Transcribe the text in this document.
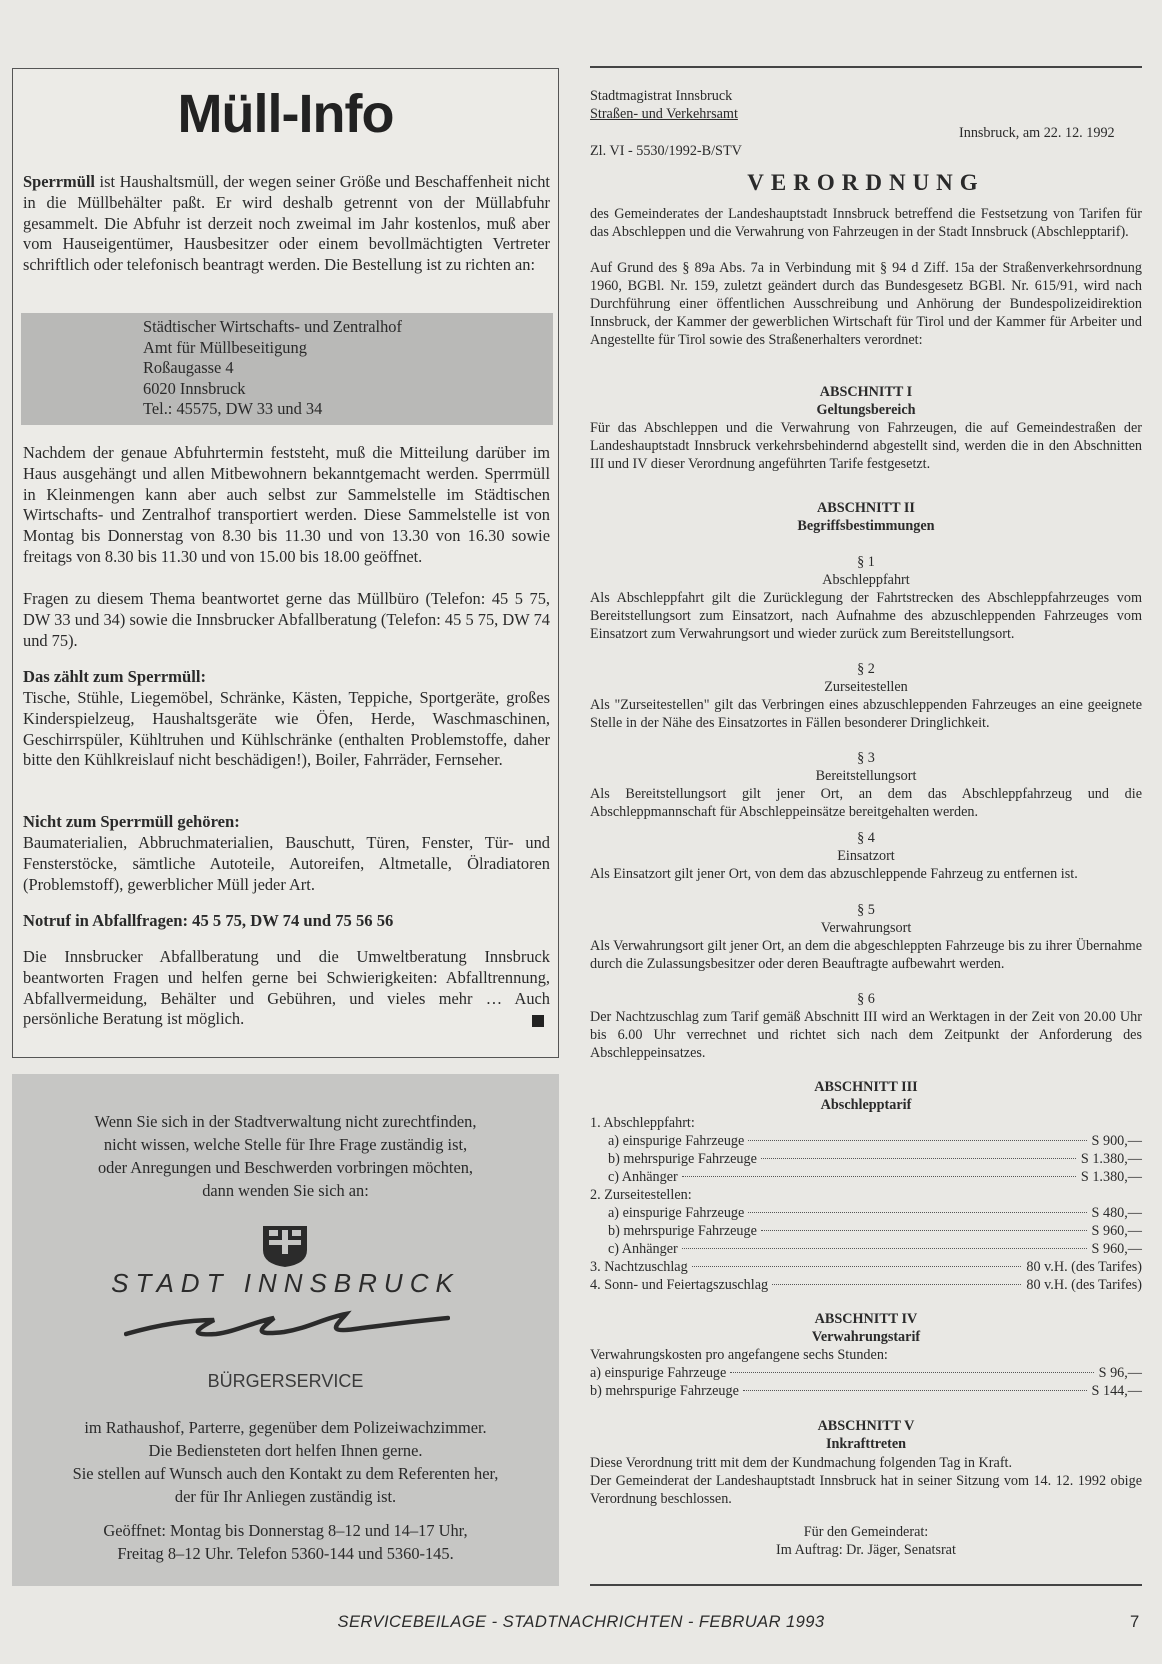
Müll-Info

Sperrmüll ist Haushaltsmüll, der wegen seiner Größe und Beschaffenheit nicht in die Müllbehälter paßt. Er wird deshalb getrennt von der Müllabfuhr gesammelt. Die Abfuhr ist derzeit noch zweimal im Jahr kostenlos, muß aber vom Hauseigentümer, Hausbesitzer oder einem bevollmächtigten Vertreter schriftlich oder telefonisch beantragt werden. Die Bestellung ist zu richten an:

Städtischer Wirtschafts- und Zentralhof
Amt für Müllbeseitigung
Roßaugasse 4
6020 Innsbruck
Tel.: 45575, DW 33 und 34

Nachdem der genaue Abfuhrtermin feststeht, muß die Mitteilung darüber im Haus ausgehängt und allen Mitbewohnern bekanntgemacht werden. Sperrmüll in Kleinmengen kann aber auch selbst zur Sammelstelle im Städtischen Wirtschafts- und Zentralhof transportiert werden. Diese Sammelstelle ist von Montag bis Donnerstag von 8.30 bis 11.30 und von 13.30 von 16.30 sowie freitags von 8.30 bis 11.30 und von 15.00 bis 18.00 geöffnet.

Fragen zu diesem Thema beantwortet gerne das Müllbüro (Telefon: 45 5 75, DW 33 und 34) sowie die Innsbrucker Abfallberatung (Telefon: 45 5 75, DW 74 und 75).

Das zählt zum Sperrmüll:

Tische, Stühle, Liegemöbel, Schränke, Kästen, Teppiche, Sportgeräte, großes Kinderspielzeug, Haushaltsgeräte wie Öfen, Herde, Waschmaschinen, Geschirrspüler, Kühltruhen und Kühlschränke (enthalten Problemstoffe, daher bitte den Kühlkreislauf nicht beschädigen!), Boiler, Fahrräder, Fernseher.

Nicht zum Sperrmüll gehören:

Baumaterialien, Abbruchmaterialien, Bauschutt, Türen, Fenster, Tür- und Fensterstöcke, sämtliche Autoteile, Autoreifen, Altmetalle, Ölradiatoren (Problemstoff), gewerblicher Müll jeder Art.

Notruf in Abfallfragen: 45 5 75, DW 74 und 75 56 56

Die Innsbrucker Abfallberatung und die Umweltberatung Innsbruck beantworten Fragen und helfen gerne bei Schwierigkeiten: Abfalltrennung, Abfallvermeidung, Behälter und Gebühren, und vieles mehr … Auch persönliche Beratung ist möglich.

Wenn Sie sich in der Stadtverwaltung nicht zurechtfinden,

nicht wissen, welche Stelle für Ihre Frage zuständig ist,

oder Anregungen und Beschwerden vorbringen möchten,

dann wenden Sie sich an:

STADT INNSBRUCK

BÜRGERSERVICE

im Rathaushof, Parterre, gegenüber dem Polizeiwachzimmer.

Die Bediensteten dort helfen Ihnen gerne.

Sie stellen auf Wunsch auch den Kontakt zu dem Referenten her,

der für Ihr Anliegen zuständig ist.

Geöffnet: Montag bis Donnerstag 8–12 und 14–17 Uhr,

Freitag 8–12 Uhr. Telefon 5360-144 und 5360-145.

Stadtmagistrat Innsbruck

Straßen- und Verkehrsamt

Innsbruck, am 22. 12. 1992

Zl. VI - 5530/1992-B/STV

VERORDNUNG

des Gemeinderates der Landeshauptstadt Innsbruck betreffend die Festsetzung von Tarifen für das Abschleppen und die Verwahrung von Fahrzeugen in der Stadt Innsbruck (Abschlepptarif).

Auf Grund des § 89a Abs. 7a in Verbindung mit § 94 d Ziff. 15a der Straßenverkehrsordnung 1960, BGBl. Nr. 159, zuletzt geändert durch das Bundesgesetz BGBl. Nr. 615/91, wird nach Durchführung einer öffentlichen Ausschreibung und Anhörung der Bundespolizeidirektion Innsbruck, der Kammer der gewerblichen Wirtschaft für Tirol und der Kammer für Arbeiter und Angestellte für Tirol sowie des Straßenerhalters verordnet:

ABSCHNITT I

Geltungsbereich

Für das Abschleppen und die Verwahrung von Fahrzeugen, die auf Gemeindestraßen der Landeshauptstadt Innsbruck verkehrsbehindernd abgestellt sind, werden die in den Abschnitten III und IV dieser Verordnung angeführten Tarife festgesetzt.

ABSCHNITT II

Begriffsbestimmungen

§ 1

Abschleppfahrt

Als Abschleppfahrt gilt die Zurücklegung der Fahrtstrecken des Abschleppfahrzeuges vom Bereitstellungsort zum Einsatzort, nach Aufnahme des abzuschleppenden Fahrzeuges vom Einsatzort zum Verwahrungsort und wieder zurück zum Bereitstellungsort.

§ 2

Zurseitestellen

Als "Zurseitestellen" gilt das Verbringen eines abzuschleppenden Fahrzeuges an eine geeignete Stelle in der Nähe des Einsatzortes in Fällen besonderer Dringlichkeit.

§ 3

Bereitstellungsort

Als Bereitstellungsort gilt jener Ort, an dem das Abschleppfahrzeug und die Abschleppmannschaft für Abschleppeinsätze bereitgehalten werden.

§ 4

Einsatzort

Als Einsatzort gilt jener Ort, von dem das abzuschleppende Fahrzeug zu entfernen ist.

§ 5

Verwahrungsort

Als Verwahrungsort gilt jener Ort, an dem die abgeschleppten Fahrzeuge bis zu ihrer Übernahme durch die Zulassungsbesitzer oder deren Beauftragte aufbewahrt werden.

§ 6

Der Nachtzuschlag zum Tarif gemäß Abschnitt III wird an Werktagen in der Zeit von 20.00 Uhr bis 6.00 Uhr verrechnet und richtet sich nach dem Zeitpunkt der Anforderung des Abschleppeinsatzes.

ABSCHNITT III

Abschlepptarif

1. Abschleppfahrt:

a) einspurige Fahrzeuge	S 900,—
b) mehrspurige Fahrzeuge	S 1.380,—
c) Anhänger	S 1.380,—

2. Zurseitestellen:

a) einspurige Fahrzeuge	S 480,—
b) mehrspurige Fahrzeuge	S 960,—
c) Anhänger	S 960,—
3. Nachtzuschlag	80 v.H. (des Tarifes)
4. Sonn- und Feiertagszuschlag	80 v.H. (des Tarifes)

ABSCHNITT IV

Verwahrungstarif

Verwahrungskosten pro angefangene sechs Stunden:

a) einspurige Fahrzeuge	S 96,—
b) mehrspurige Fahrzeuge	S 144,—

ABSCHNITT V

Inkrafttreten

Diese Verordnung tritt mit dem der Kundmachung folgenden Tag in Kraft.

Der Gemeinderat der Landeshauptstadt Innsbruck hat in seiner Sitzung vom 14. 12. 1992 obige Verordnung beschlossen.

Für den Gemeinderat:

Im Auftrag: Dr. Jäger, Senatsrat

SERVICEBEILAGE - STADTNACHRICHTEN - FEBRUAR 1993	7
